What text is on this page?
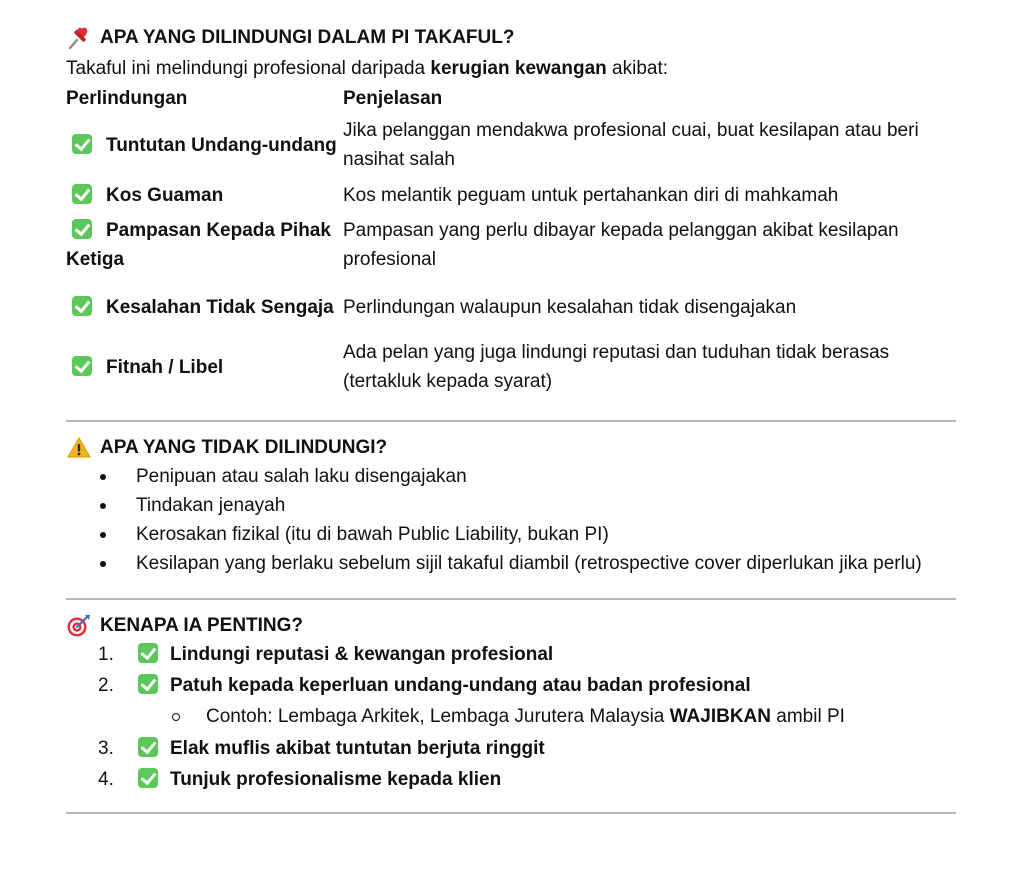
APA YANG DILINDUNGI DALAM PI TAKAFUL?
Takaful ini melindungi profesional daripada kerugian kewangan akibat:
Perlindungan	Penjelasan
Tuntutan Undang-undang	Jika pelanggan mendakwa profesional cuai, buat kesilapan atau beri nasihat salah
Kos Guaman	Kos melantik peguam untuk pertahankan diri di mahkamah
Pampasan Kepada Pihak Ketiga	Pampasan yang perlu dibayar kepada pelanggan akibat kesilapan profesional
Kesalahan Tidak Sengaja	Perlindungan walaupun kesalahan tidak disengajakan
Fitnah / Libel	Ada pelan yang juga lindungi reputasi dan tuduhan tidak berasas (tertakluk kepada syarat)
APA YANG TIDAK DILINDUNGI?
Penipuan atau salah laku disengajakan
Tindakan jenayah
Kerosakan fizikal (itu di bawah Public Liability, bukan PI)
Kesilapan yang berlaku sebelum sijil takaful diambil (retrospective cover diperlukan jika perlu)
KENAPA IA PENTING?
1.	Lindungi reputasi & kewangan profesional
2.	Patuh kepada keperluan undang-undang atau badan profesional
Contoh: Lembaga Arkitek, Lembaga Jurutera Malaysia WAJIBKAN ambil PI
3.	Elak muflis akibat tuntutan berjuta ringgit
4.	Tunjuk profesionalisme kepada klien
